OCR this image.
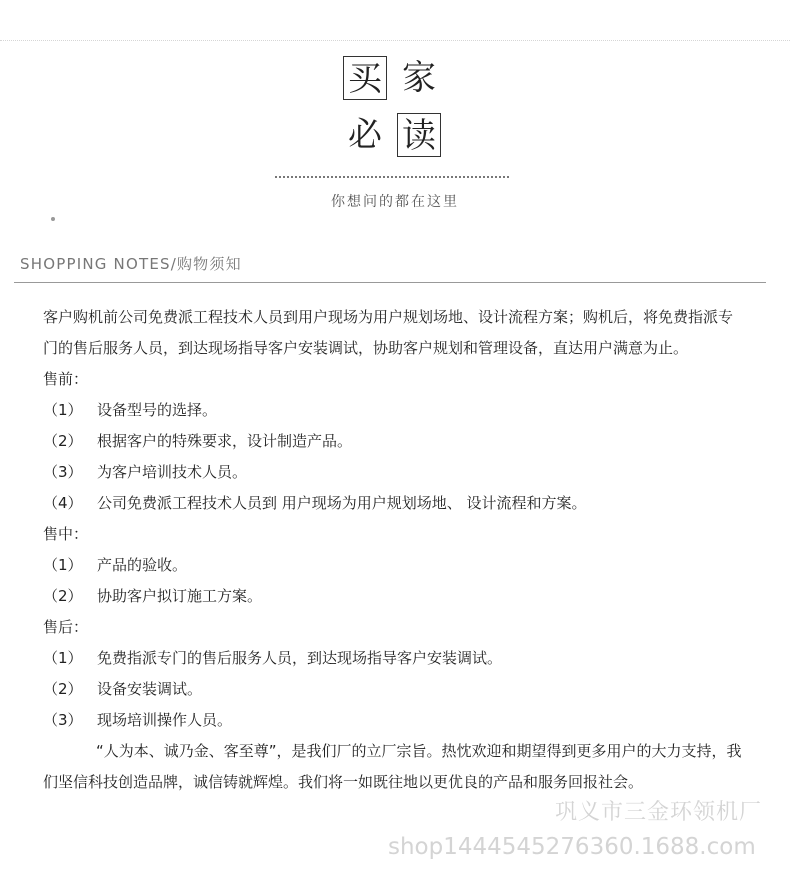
买 家
必 读
你想问的都在这里
SHOPPING NOTES/购物须知

客户购机前公司免费派工程技术人员到用户现场为用户规划场地、设计流程方案；购机后，将免费指派专门的售后服务人员，到达现场指导客户安装调试，协助客户规划和管理设备，直达用户满意为止。

售前：
（1） 设备型号的选择。
（2） 根据客户的特殊要求，设计制造产品。
（3） 为客户培训技术人员。
（4） 公司免费派工程技术人员到 用户现场为用户规划场地、 设计流程和方案。
售中：
（1） 产品的验收。
（2） 协助客户拟订施工方案。
售后：
（1） 免费指派专门的售后服务人员，到达现场指导客户安装调试。
（2） 设备安装调试。
（3） 现场培训操作人员。

“人为本、诚乃金、客至尊”，是我们厂的立厂宗旨。热忱欢迎和期望得到更多用户的大力支持，我们坚信科技创造品牌，诚信铸就辉煌。我们将一如既往地以更优良的产品和服务回报社会。

巩义市三金环领机厂
shop1444545276360.1688.com
